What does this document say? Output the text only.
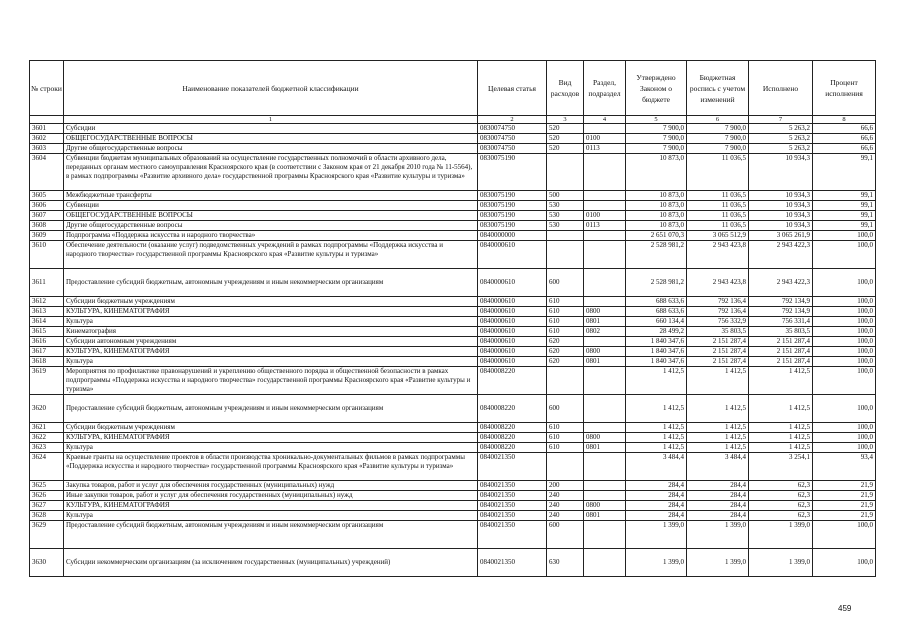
№ строки	Наименование показателей бюджетной классификации	Целевая статья	Вид расходов	Раздел, подраздел	Утверждено Законом о бюджете	Бюджетная роспись с учетом изменений	Исполнено	Процент исполнения
	1	2	3	4	5	6	7	8
3601	Субсидии	0830074750	520		7 900,0	7 900,0	5 263,2	66,6
3602	ОБЩЕГОСУДАРСТВЕННЫЕ ВОПРОСЫ	0830074750	520	0100	7 900,0	7 900,0	5 263,2	66,6
3603	Другие общегосударственные вопросы	0830074750	520	0113	7 900,0	7 900,0	5 263,2	66,6
3604	Субвенции бюджетам муниципальных образований на осуществление государственных полномочий в области архивного дела, переданных органам местного самоуправления Красноярского края (в соответствии с Законом края от 21 декабря 2010 года № 11-5564), в рамках подпрограммы «Развитие архивного дела» государственной программы Красноярского края «Развитие культуры и туризма»	0830075190			10 873,0	11 036,5	10 934,3	99,1
3605	Межбюджетные трансферты	0830075190	500		10 873,0	11 036,5	10 934,3	99,1
3606	Субвенции	0830075190	530		10 873,0	11 036,5	10 934,3	99,1
3607	ОБЩЕГОСУДАРСТВЕННЫЕ ВОПРОСЫ	0830075190	530	0100	10 873,0	11 036,5	10 934,3	99,1
3608	Другие общегосударственные вопросы	0830075190	530	0113	10 873,0	11 036,5	10 934,3	99,1
3609	Подпрограмма «Поддержка искусства и народного творчества»	0840000000			2 651 070,3	3 065 512,9	3 065 261,9	100,0
3610	Обеспечение деятельности (оказание услуг) подведомственных учреждений в рамках подпрограммы «Поддержка искусства и народного творчества» государственной программы Красноярского края «Развитие культуры и туризма»	0840000610			2 528 981,2	2 943 423,8	2 943 422,3	100,0
3611	Предоставление субсидий бюджетным, автономным учреждениям и иным некоммерческим организациям	0840000610	600		2 528 981,2	2 943 423,8	2 943 422,3	100,0
3612	Субсидии бюджетным учреждениям	0840000610	610		688 633,6	792 136,4	792 134,9	100,0
3613	КУЛЬТУРА, КИНЕМАТОГРАФИЯ	0840000610	610	0800	688 633,6	792 136,4	792 134,9	100,0
3614	Культура	0840000610	610	0801	660 134,4	756 332,9	756 331,4	100,0
3615	Кинематография	0840000610	610	0802	28 499,2	35 803,5	35 803,5	100,0
3616	Субсидии автономным учреждениям	0840000610	620		1 840 347,6	2 151 287,4	2 151 287,4	100,0
3617	КУЛЬТУРА, КИНЕМАТОГРАФИЯ	0840000610	620	0800	1 840 347,6	2 151 287,4	2 151 287,4	100,0
3618	Культура	0840000610	620	0801	1 840 347,6	2 151 287,4	2 151 287,4	100,0
3619	Мероприятия по профилактике правонарушений и укреплению общественного порядка и общественной безопасности в рамках подпрограммы «Поддержка искусства и народного творчества» государственной программы Красноярского края «Развитие культуры и туризма»	0840008220			1 412,5	1 412,5	1 412,5	100,0
3620	Предоставление субсидий бюджетным, автономным учреждениям и иным некоммерческим организациям	0840008220	600		1 412,5	1 412,5	1 412,5	100,0
3621	Субсидии бюджетным учреждениям	0840008220	610		1 412,5	1 412,5	1 412,5	100,0
3622	КУЛЬТУРА, КИНЕМАТОГРАФИЯ	0840008220	610	0800	1 412,5	1 412,5	1 412,5	100,0
3623	Культура	0840008220	610	0801	1 412,5	1 412,5	1 412,5	100,0
3624	Краевые гранты на осуществление проектов в области производства хроникально-документальных фильмов в рамках подпрограммы «Поддержка искусства и народного творчества» государственной программы Красноярского края «Развитие культуры и туризма»	0840021350			3 484,4	3 484,4	3 254,1	93,4
3625	Закупка товаров, работ и услуг для обеспечения государственных (муниципальных) нужд	0840021350	200		284,4	284,4	62,3	21,9
3626	Иные закупки товаров, работ и услуг для обеспечения государственных (муниципальных) нужд	0840021350	240		284,4	284,4	62,3	21,9
3627	КУЛЬТУРА, КИНЕМАТОГРАФИЯ	0840021350	240	0800	284,4	284,4	62,3	21,9
3628	Культура	0840021350	240	0801	284,4	284,4	62,3	21,9
3629	Предоставление субсидий бюджетным, автономным учреждениям и иным некоммерческим организациям	0840021350	600		1 399,0	1 399,0	1 399,0	100,0
3630	Субсидии некоммерческим организациям (за исключением государственных (муниципальных) учреждений)	0840021350	630		1 399,0	1 399,0	1 399,0	100,0
459
